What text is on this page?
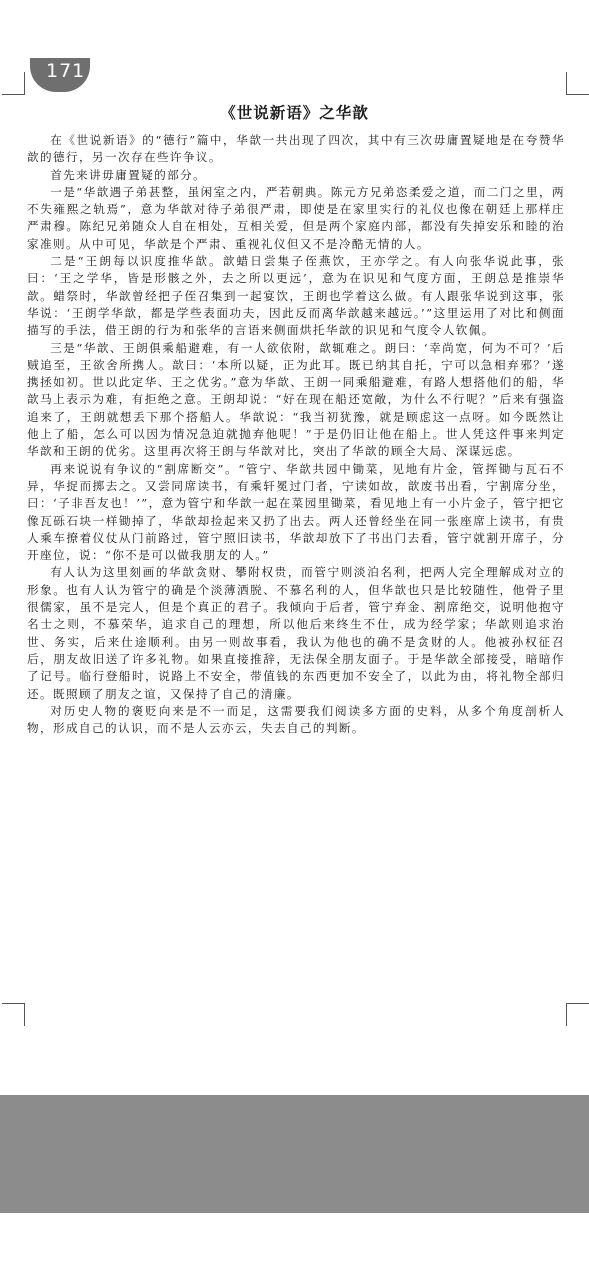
171
《世说新语》之华歆

在《世说新语》的“德行”篇中，华歆一共出现了四次，其中有三次毋庸置疑地是在夸赞华歆的德行，另一次存在些许争议。

首先来讲毋庸置疑的部分。

一是“华歆遇子弟甚整，虽闲室之内，严若朝典。陈元方兄弟恣柔爱之道，而二门之里，两不失雍熙之轨焉”，意为华歆对待子弟很严肃，即使是在家里实行的礼仪也像在朝廷上那样庄严肃穆。陈纪兄弟随众人自在相处，互相关爱，但是两个家庭内部，都没有失掉安乐和睦的治家准则。从中可见，华歆是个严肃、重视礼仪但又不是冷酷无情的人。

二是“王朗每以识度推华歆。歆蜡日尝集子侄燕饮，王亦学之。有人向张华说此事，张曰：‘王之学华，皆是形骸之外，去之所以更远’，意为在识见和气度方面，王朗总是推崇华歆。蜡祭时，华歆曾经把子侄召集到一起宴饮，王朗也学着这么做。有人跟张华说到这事，张华说：‘王朗学华歆，都是学些表面功夫，因此反而离华歆越来越远。’”这里运用了对比和侧面描写的手法，借王朗的行为和张华的言语来侧面烘托华歆的识见和气度令人钦佩。

三是“华歆、王朗俱乘船避难，有一人欲依附，歆辄难之。朗曰：‘幸尚宽，何为不可？’后贼追至，王欲舍所携人。歆曰：‘本所以疑，正为此耳。既已纳其自托，宁可以急相弃邪？’遂携拯如初。世以此定华、王之优劣。”意为华歆、王朗一同乘船避难，有路人想搭他们的船，华歆马上表示为难，有拒绝之意。王朗却说：“好在现在船还宽敞，为什么不行呢？”后来有强盗追来了，王朗就想丢下那个搭船人。华歆说：“我当初犹豫，就是顾虑这一点呀。如今既然让他上了船，怎么可以因为情况急迫就抛弃他呢！”于是仍旧让他在船上。世人凭这件事来判定华歆和王朗的优劣。这里再次将王朗与华歆对比，突出了华歆的顾全大局、深谋远虑。

再来说说有争议的“割席断交”。“管宁、华歆共园中锄菜，见地有片金，管挥锄与瓦石不异，华捉而掷去之。又尝同席读书，有乘轩冕过门者，宁读如故，歆废书出看，宁割席分坐，曰：‘子非吾友也！’”，意为管宁和华歆一起在菜园里锄菜，看见地上有一小片金子，管宁把它像瓦砾石块一样锄掉了，华歆却捡起来又扔了出去。两人还曾经坐在同一张座席上读书，有贵人乘车撩着仪仗从门前路过，管宁照旧读书，华歆却放下了书出门去看，管宁就割开席子，分开座位，说：“你不是可以做我朋友的人。”

有人认为这里刻画的华歆贪财、攀附权贵，而管宁则淡泊名利，把两人完全理解成对立的形象。也有人认为管宁的确是个淡薄洒脱、不慕名利的人，但华歆也只是比较随性，他骨子里很儒家，虽不是完人，但是个真正的君子。我倾向于后者，管宁弃金、割席绝交，说明他抱守名士之则，不慕荣华，追求自己的理想，所以他后来终生不仕，成为经学家；华歆则追求治世、务实，后来仕途顺利。由另一则故事看，我认为他也的确不是贪财的人。他被孙权征召后，朋友故旧送了许多礼物。如果直接推辞，无法保全朋友面子。于是华歆全部接受，暗暗作了记号。临行登船时，说路上不安全，带值钱的东西更加不安全了，以此为由，将礼物全部归还。既照顾了朋友之谊，又保持了自己的清廉。

对历史人物的褒贬向来是不一而足，这需要我们阅读多方面的史料，从多个角度剖析人物，形成自己的认识，而不是人云亦云，失去自己的判断。
